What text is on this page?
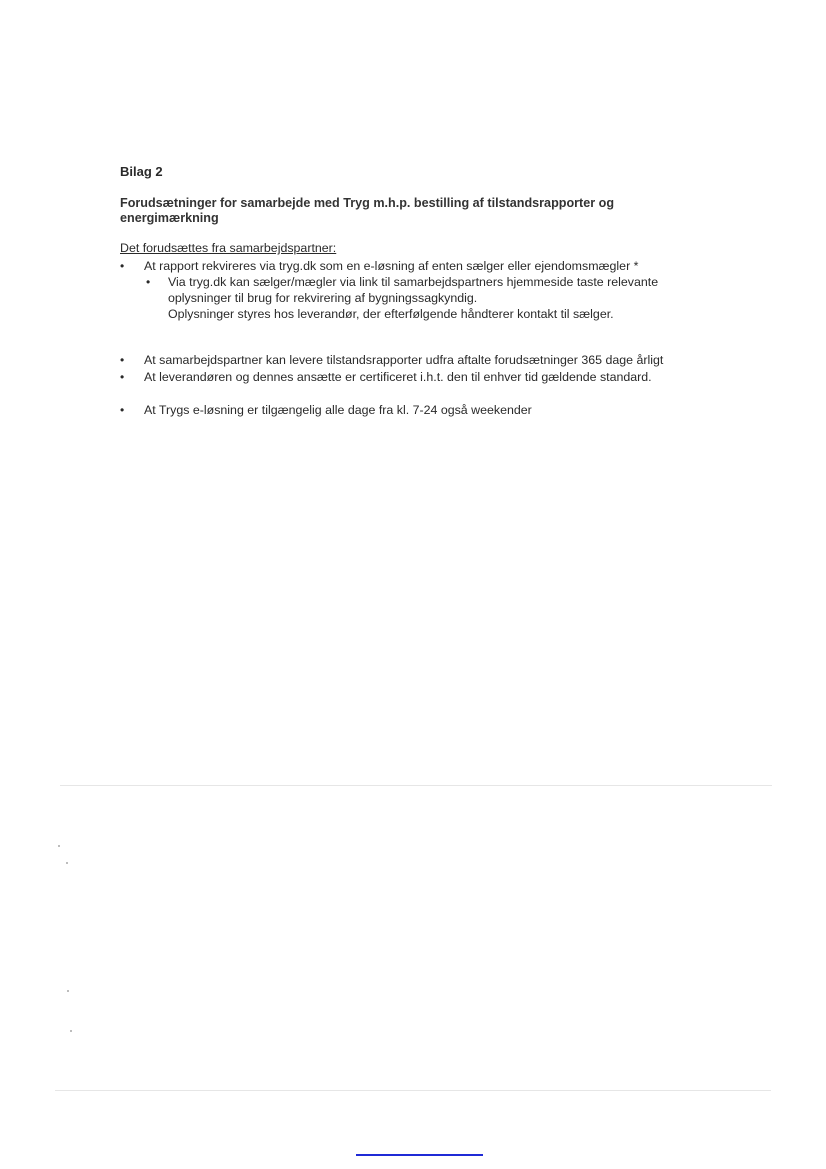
Bilag 2
Forudsætninger for samarbejde med Tryg m.h.p. bestilling af tilstandsrapporter og energimærkning
Det forudsættes fra samarbejdspartner:
• At rapport rekvireres via tryg.dk som en e-løsning af enten sælger eller ejendomsmægler *
• Via tryg.dk kan sælger/mægler via link til samarbejdspartners hjemmeside taste relevante
oplysninger til brug for rekvirering af bygningssagkyndig.
Oplysninger styres hos leverandør, der efterfølgende håndterer kontakt til sælger.
• At samarbejdspartner kan levere tilstandsrapporter udfra aftalte forudsætninger 365 dage årligt
• At leverandøren og dennes ansætte er certificeret i.h.t. den til enhver tid gældende standard.
• At Trygs e-løsning er tilgængelig alle dage fra kl. 7-24 også weekender
